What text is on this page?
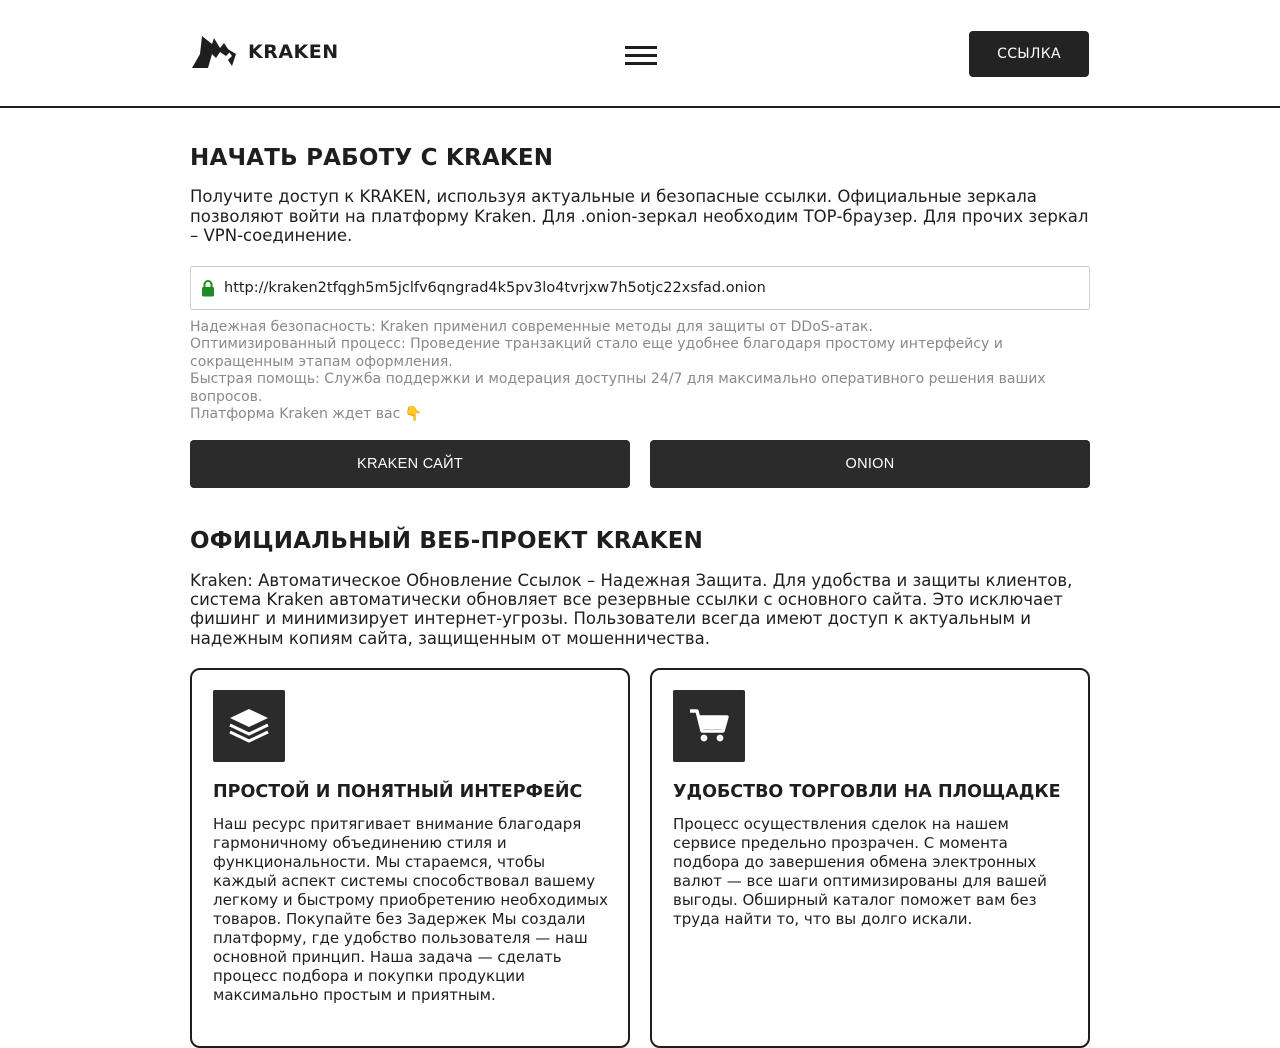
KRAKEN	ССЫЛКА
НАЧАТЬ РАБОТУ С KRAKEN

Получите доступ к KRAKEN, используя актуальные и безопасные ссылки. Официальные зеркала позволяют войти на платформу Kraken. Для .onion-зеркал необходим ТОР-браузер. Для прочих зеркал – VPN-соединение.

http://kraken2tfqgh5m5jclfv6qngrad4k5pv3lo4tvrjxw7h5otjc22xsfad.onion

Надежная безопасность: Kraken применил современные методы для защиты от DDoS-атак.

Оптимизированный процесс: Проведение транзакций стало еще удобнее благодаря простому интерфейсу и сокращенным этапам оформления.

Быстрая помощь: Служба поддержки и модерация доступны 24/7 для максимально оперативного решения ваших вопросов.

Платформа Kraken ждет вас 👇

KRAKEN САЙТ	ONION
ОФИЦИАЛЬНЫЙ ВЕБ-ПРОЕКТ KRAKEN

Kraken: Автоматическое Обновление Ссылок – Надежная Защита. Для удобства и защиты клиентов, система Kraken автоматически обновляет все резервные ссылки с основного сайта. Это исключает фишинг и минимизирует интернет-угрозы. Пользователи всегда имеют доступ к актуальным и надежным копиям сайта, защищенным от мошенничества.

ПРОСТОЙ И ПОНЯТНЫЙ ИНТЕРФЕЙС
Наш ресурс притягивает внимание благодаря гармоничному объединению стиля и функциональности. Мы стараемся, чтобы каждый аспект системы способствовал вашему легкому и быстрому приобретению необходимых товаров. Покупайте без Задержек Мы создали платформу, где удобство пользователя — наш основной принцип. Наша задача — сделать процесс подбора и покупки продукции максимально простым и приятным.
УДОБСТВО ТОРГОВЛИ НА ПЛОЩАДКЕ
Процесс осуществления сделок на нашем сервисе предельно прозрачен. С момента подбора до завершения обмена электронных валют — все шаги оптимизированы для вашей выгоды. Обширный каталог поможет вам без труда найти то, что вы долго искали.
